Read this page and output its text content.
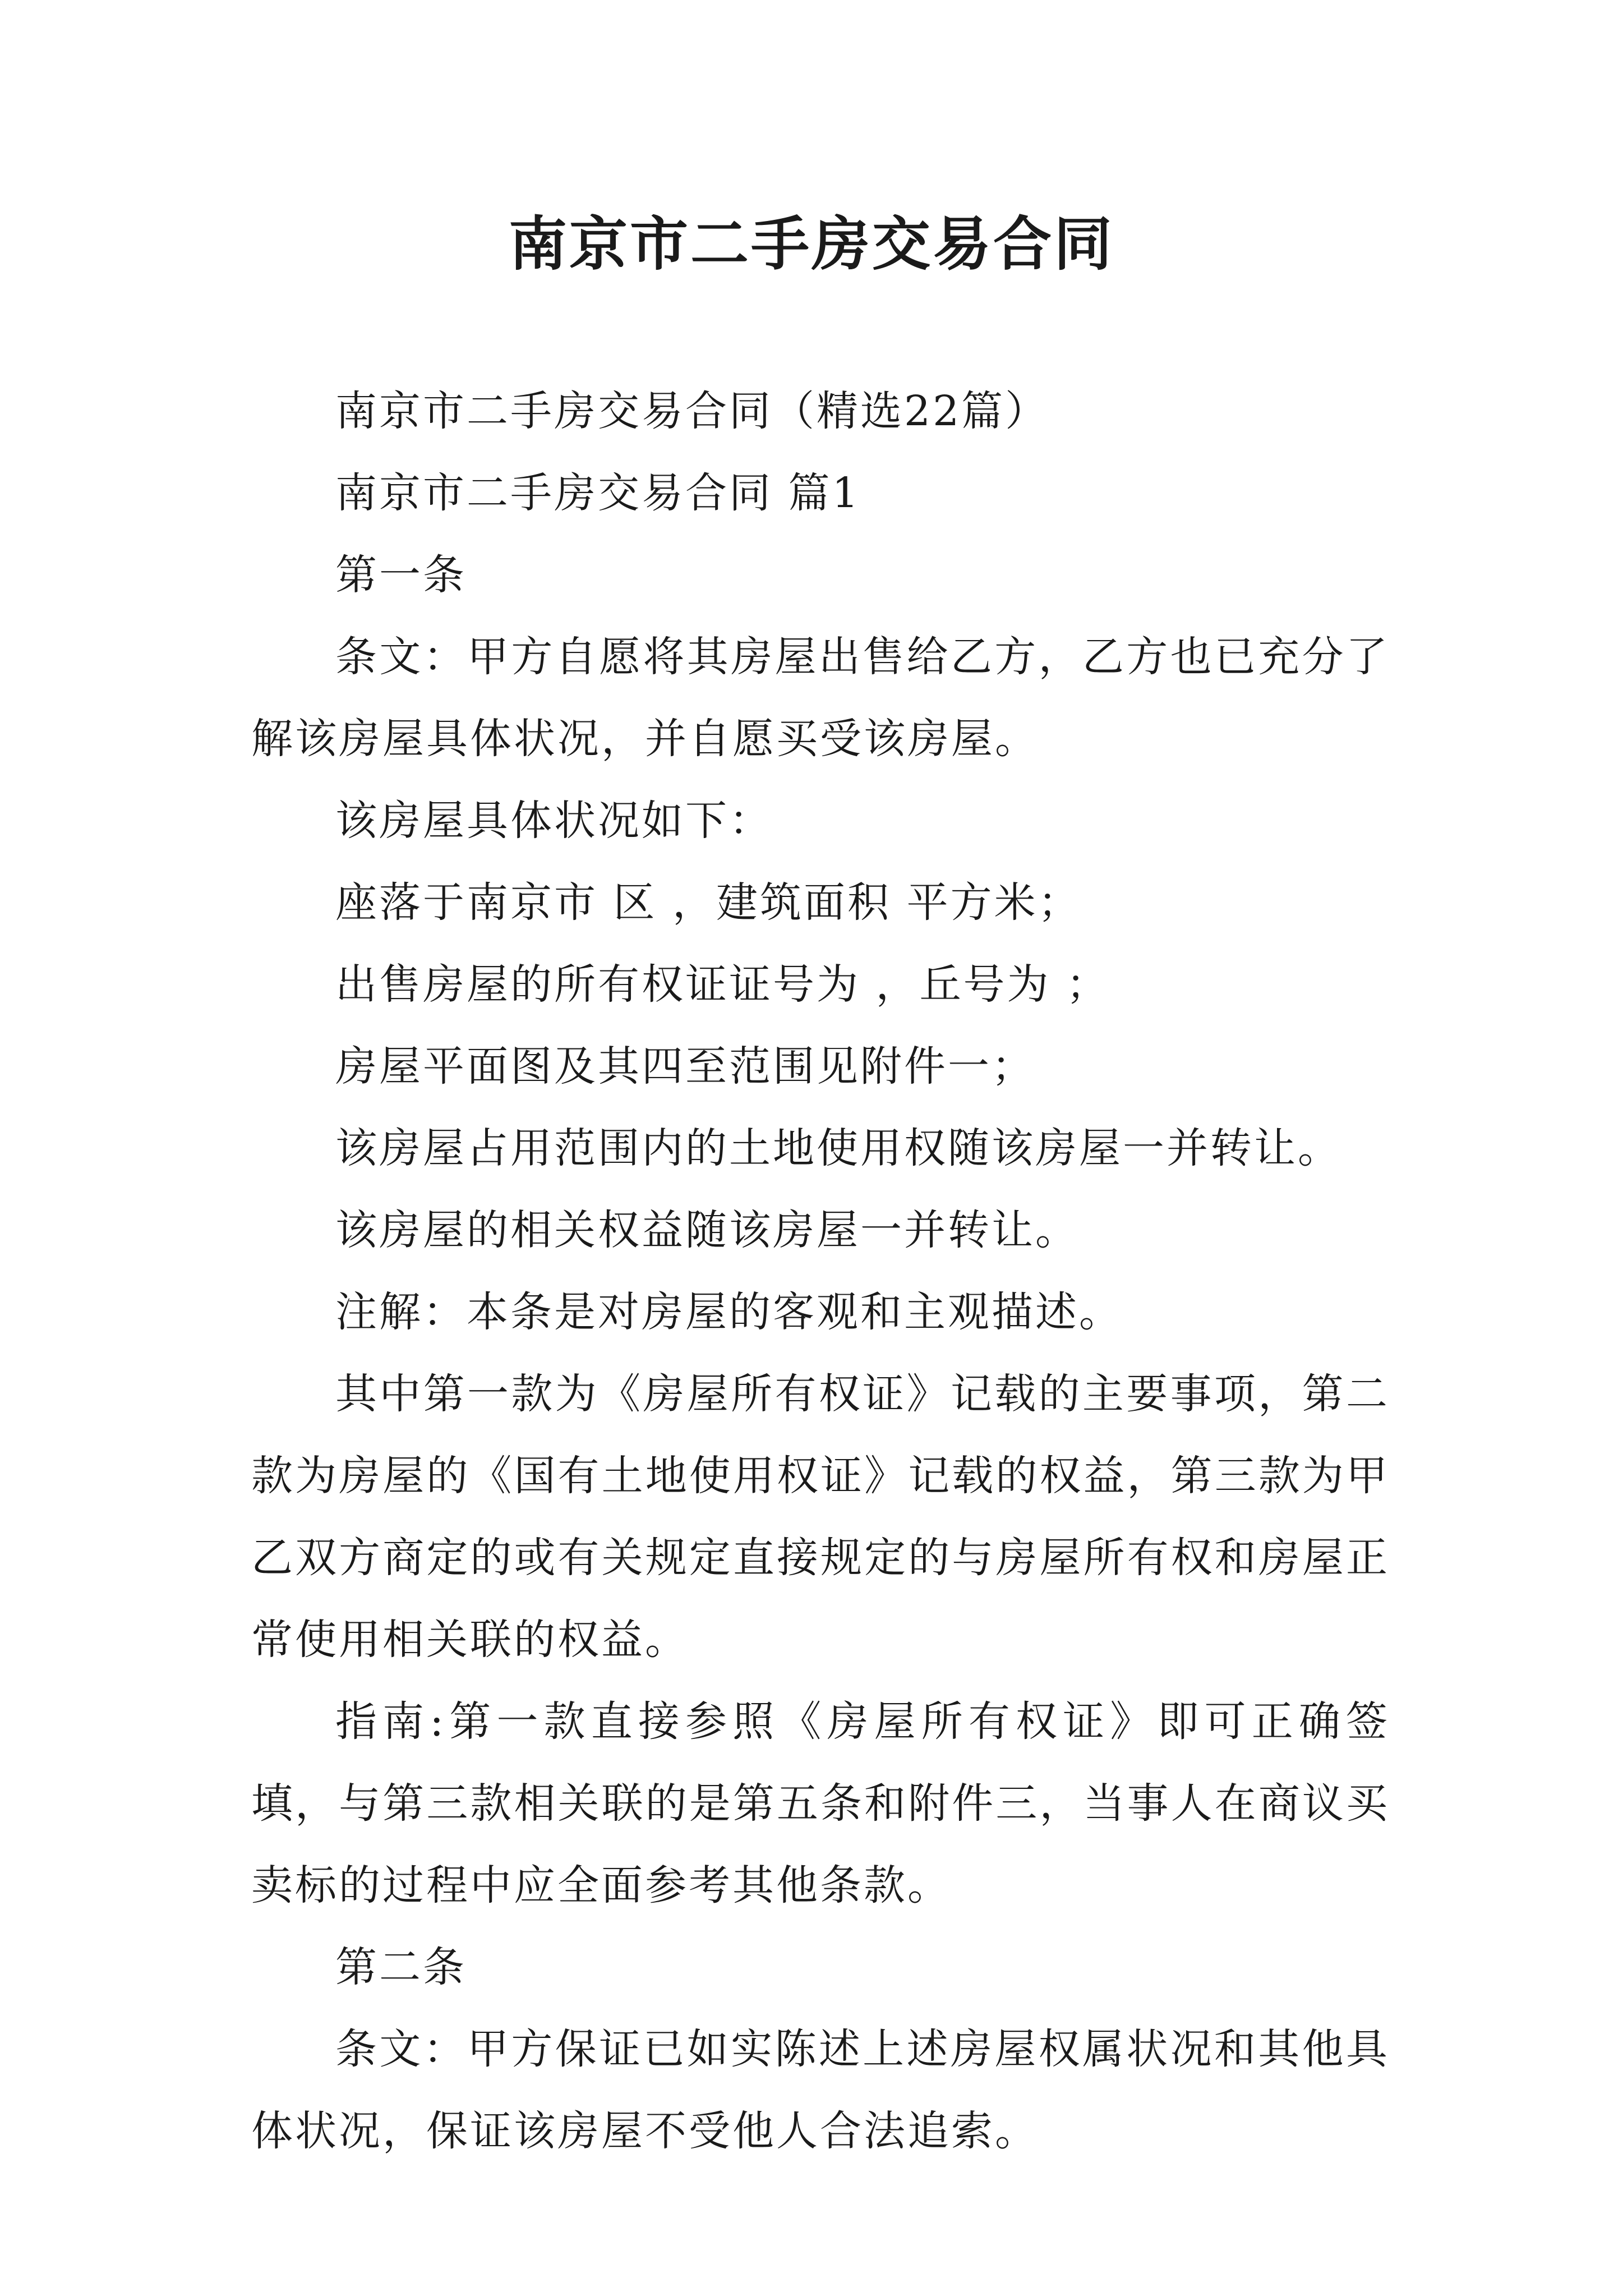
南京市二手房交易合同

南京市二手房交易合同（精选22篇）

南京市二手房交易合同 篇1

第一条

条文：甲方自愿将其房屋出售给乙方，乙方也已充分了解该房屋具体状况，并自愿买受该房屋。

该房屋具体状况如下：

座落于南京市 区 ，建筑面积 平方米；

出售房屋的所有权证证号为 ，丘号为 ；

房屋平面图及其四至范围见附件一；

该房屋占用范围内的土地使用权随该房屋一并转让。

该房屋的相关权益随该房屋一并转让。

注解：本条是对房屋的客观和主观描述。

其中第一款为《房屋所有权证》记载的主要事项，第二款为房屋的《国有土地使用权证》记载的权益，第三款为甲乙双方商定的或有关规定直接规定的与房屋所有权和房屋正常使用相关联的权益。

指南:第一款直接参照《房屋所有权证》即可正确签填，与第三款相关联的是第五条和附件三，当事人在商议买卖标的过程中应全面参考其他条款。

第二条

条文：甲方保证已如实陈述上述房屋权属状况和其他具体状况，保证该房屋不受他人合法追索。
